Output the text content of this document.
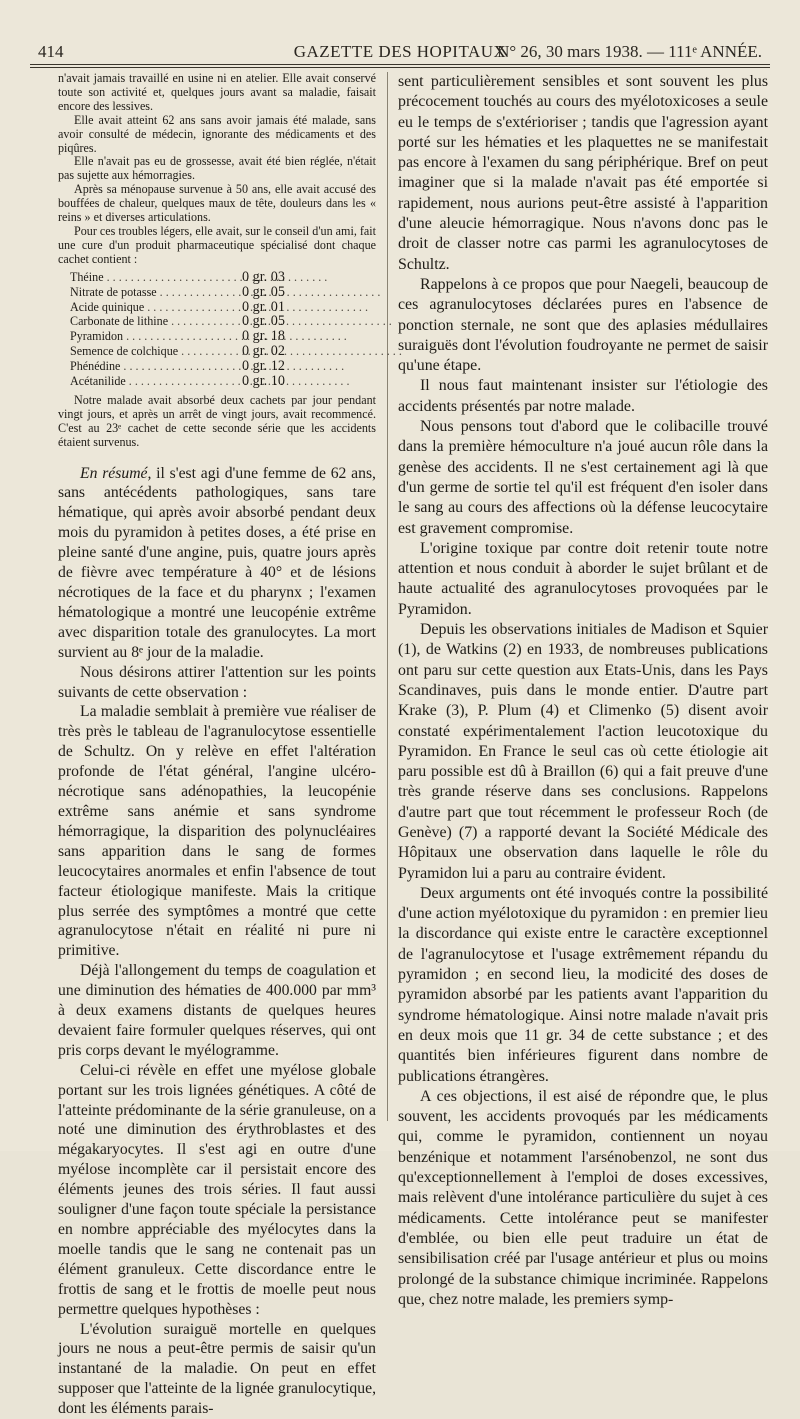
414	GAZETTE DES HOPITAUX
N° 26, 30 mars 1938. — 111ᵉ ANNÉE.

n'avait jamais travaillé en usine ni en atelier. Elle avait conservé toute son activité et, quelques jours avant sa maladie, faisait encore des lessives.

Elle avait atteint 62 ans sans avoir jamais été malade, sans avoir consulté de médecin, ignorante des médicaments et des piqûres.

Elle n'avait pas eu de grossesse, avait été bien réglée, n'était pas sujette aux hémorragies.

Après sa ménopause survenue à 50 ans, elle avait accusé des bouffées de chaleur, quelques maux de tête, douleurs dans les « reins » et diverses articulations.

Pour ces troubles légers, elle avait, sur le conseil d'un ami, fait une cure d'un produit pharmaceutique spécialisé dont chaque cachet contient :

Théine . . .	0 gr. 03
Nitrate de potasse . . .	0 gr. 05
Acide quinique . . .	0 gr. 01
Carbonate de lithine . . .	0 gr. 05
Pyramidon . . .	0 gr. 18
Semence de colchique . . .	0 gr. 02
Phénédine . . .	0 gr. 12
Acétanilide . . .	0 gr. 10

Notre malade avait absorbé deux cachets par jour pendant vingt jours, et après un arrêt de vingt jours, avait recommencé. C'est au 23ᵉ cachet de cette seconde série que les accidents étaient survenus.

En résumé, il s'est agi d'une femme de 62 ans, sans antécédents pathologiques, sans tare hématique, qui après avoir absorbé pendant deux mois du pyramidon à petites doses, a été prise en pleine santé d'une angine, puis, quatre jours après de fièvre avec température à 40° et de lésions nécrotiques de la face et du pharynx ; l'examen hématologique a montré une leucopénie extrême avec disparition totale des granulocytes. La mort survient au 8ᵉ jour de la maladie.

Nous désirons attirer l'attention sur les points suivants de cette observation :

La maladie semblait à première vue réaliser de très près le tableau de l'agranulocytose essentielle de Schultz. On y relève en effet l'altération profonde de l'état général, l'angine ulcéro-nécrotique sans adénopathies, la leucopénie extrême sans anémie et sans syndrome hémorragique, la disparition des polynucléaires sans apparition dans le sang de formes leucocytaires anormales et enfin l'absence de tout facteur étiologique manifeste. Mais la critique plus serrée des symptômes a montré que cette agranulocytose n'était en réalité ni pure ni primitive.

Déjà l'allongement du temps de coagulation et une diminution des hématies de 400.000 par mm³ à deux examens distants de quelques heures devaient faire formuler quelques réserves, qui ont pris corps devant le myélogramme.

Celui-ci révèle en effet une myélose globale portant sur les trois lignées génétiques. A côté de l'atteinte prédominante de la série granuleuse, on a noté une diminution des érythroblastes et des mégakaryocytes. Il s'est agi en outre d'une myélose incomplète car il persistait encore des éléments jeunes des trois séries. Il faut aussi souligner d'une façon toute spéciale la persistance en nombre appréciable des myélocytes dans la moelle tandis que le sang ne contenait pas un élément granuleux. Cette discordance entre le frottis de sang et le frottis de moelle peut nous permettre quelques hypothèses :

L'évolution suraiguë mortelle en quelques jours ne nous a peut-être permis de saisir qu'un instantané de la maladie. On peut en effet supposer que l'atteinte de la lignée granulocytique, dont les éléments parais-

sent particulièrement sensibles et sont souvent les plus précocement touchés au cours des myélotoxicoses a seule eu le temps de s'extérioriser ; tandis que l'agression ayant porté sur les hématies et les plaquettes ne se manifestait pas encore à l'examen du sang périphérique. Bref on peut imaginer que si la malade n'avait pas été emportée si rapidement, nous aurions peut-être assisté à l'apparition d'une aleucie hémorragique. Nous n'avons donc pas le droit de classer notre cas parmi les agranulocytoses de Schultz.

Rappelons à ce propos que pour Naegeli, beaucoup de ces agranulocytoses déclarées pures en l'absence de ponction sternale, ne sont que des aplasies médullaires suraiguës dont l'évolution foudroyante ne permet de saisir qu'une étape.

Il nous faut maintenant insister sur l'étiologie des accidents présentés par notre malade.

Nous pensons tout d'abord que le colibacille trouvé dans la première hémoculture n'a joué aucun rôle dans la genèse des accidents. Il ne s'est certainement agi là que d'un germe de sortie tel qu'il est fréquent d'en isoler dans le sang au cours des affections où la défense leucocytaire est gravement compromise.

L'origine toxique par contre doit retenir toute notre attention et nous conduit à aborder le sujet brûlant et de haute actualité des agranulocytoses provoquées par le Pyramidon.

Depuis les observations initiales de Madison et Squier (1), de Watkins (2) en 1933, de nombreuses publications ont paru sur cette question aux Etats-Unis, dans les Pays Scandinaves, puis dans le monde entier. D'autre part Krake (3), P. Plum (4) et Climenko (5) disent avoir constaté expérimentalement l'action leucotoxique du Pyramidon. En France le seul cas où cette étiologie ait paru possible est dû à Braillon (6) qui a fait preuve d'une très grande réserve dans ses conclusions. Rappelons d'autre part que tout récemment le professeur Roch (de Genève) (7) a rapporté devant la Société Médicale des Hôpitaux une observation dans laquelle le rôle du Pyramidon lui a paru au contraire évident.

Deux arguments ont été invoqués contre la possibilité d'une action myélotoxique du pyramidon : en premier lieu la discordance qui existe entre le caractère exceptionnel de l'agranulocytose et l'usage extrêmement répandu du pyramidon ; en second lieu, la modicité des doses de pyramidon absorbé par les patients avant l'apparition du syndrome hématologique. Ainsi notre malade n'avait pris en deux mois que 11 gr. 34 de cette substance ; et des quantités bien inférieures figurent dans nombre de publications étrangères.

A ces objections, il est aisé de répondre que, le plus souvent, les accidents provoqués par les médicaments qui, comme le pyramidon, contiennent un noyau benzénique et notamment l'arsénobenzol, ne sont dus qu'exceptionnellement à l'emploi de doses excessives, mais relèvent d'une intolérance particulière du sujet à ces médicaments. Cette intolérance peut se manifester d'emblée, ou bien elle peut traduire un état de sensibilisation créé par l'usage antérieur et plus ou moins prolongé de la substance chimique incriminée. Rappelons que, chez notre malade, les premiers symp-
